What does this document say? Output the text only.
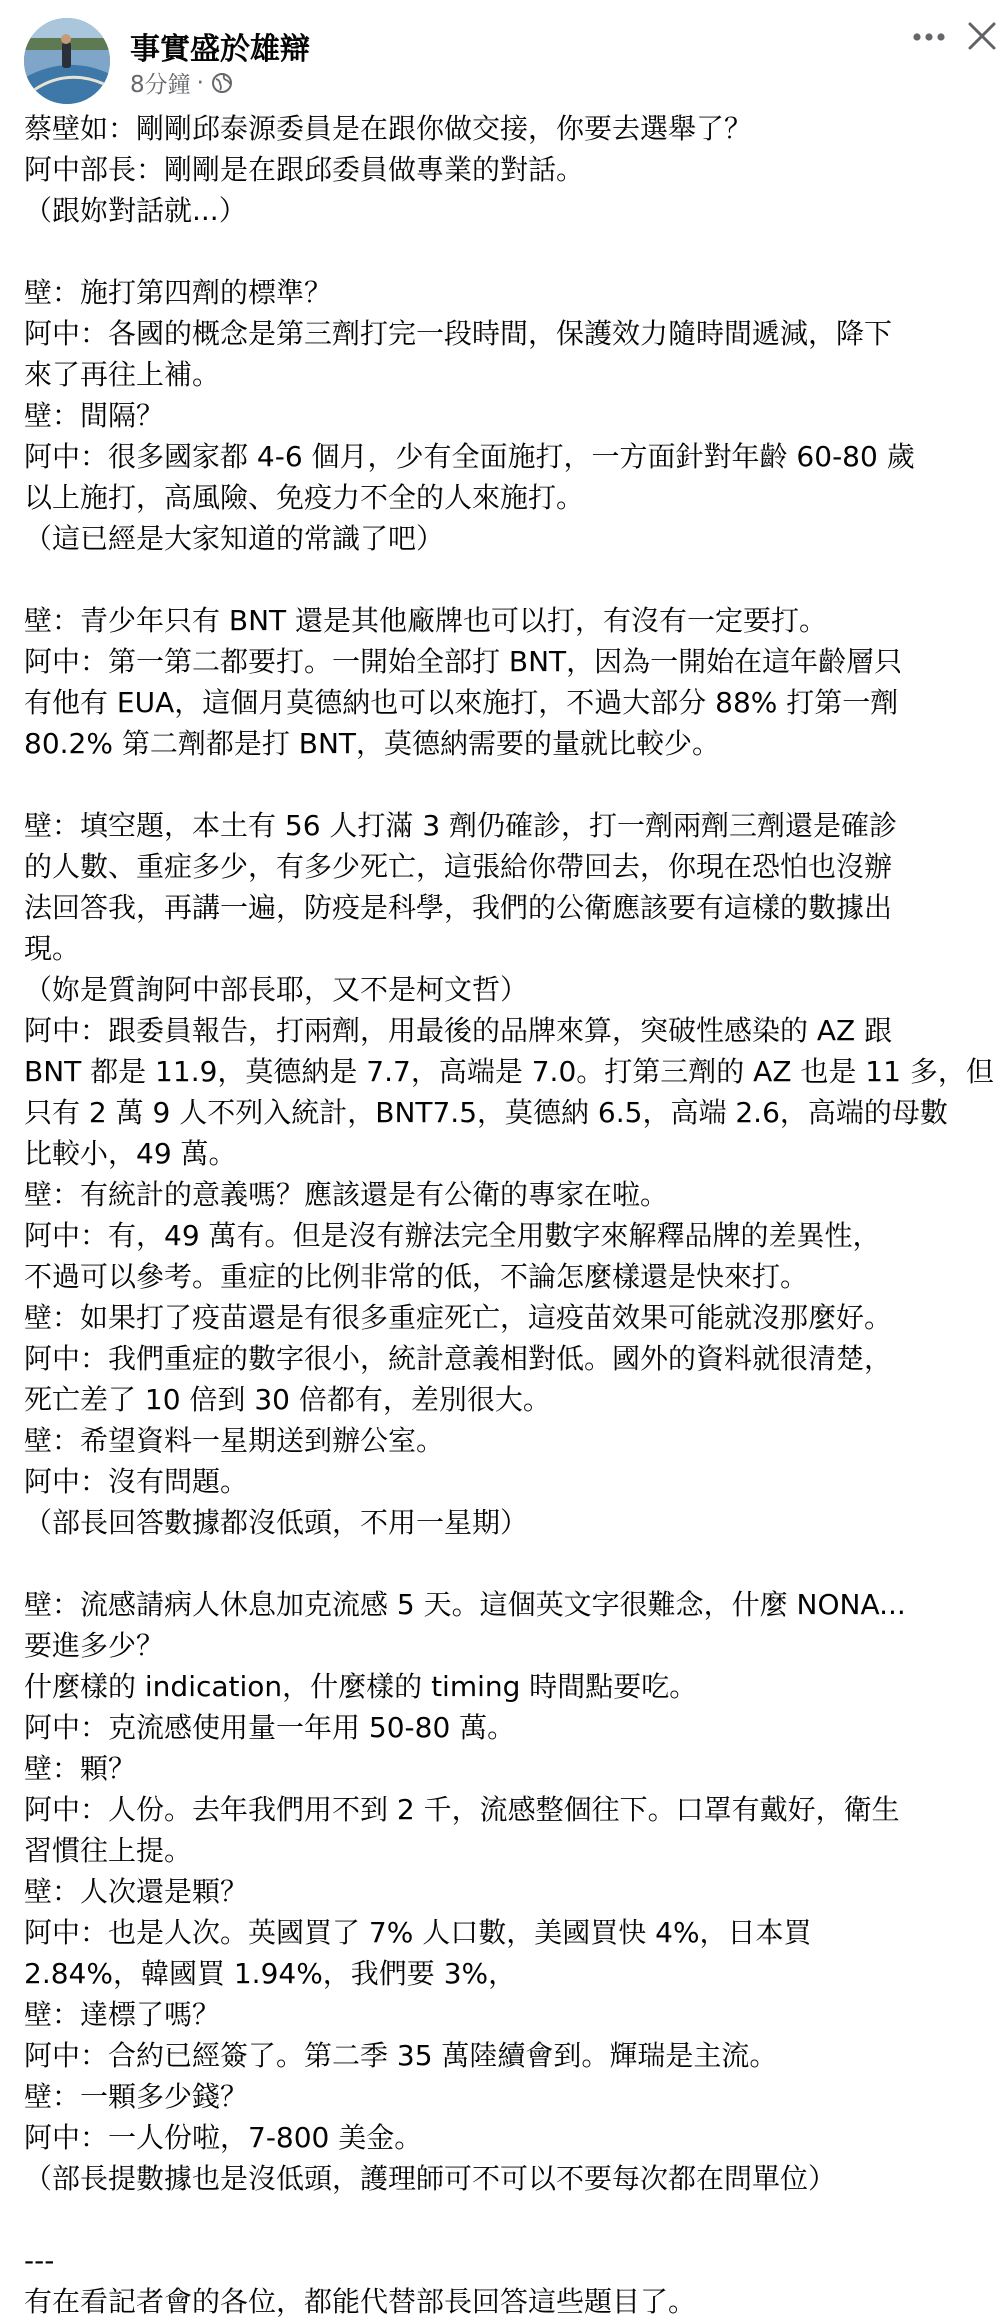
事實盛於雄辯
8分鐘 ·
蔡壁如：剛剛邱泰源委員是在跟你做交接，你要去選舉了？
阿中部長：剛剛是在跟邱委員做專業的對話。
（跟妳對話就...）
壁：施打第四劑的標準？
阿中：各國的概念是第三劑打完一段時間，保護效力隨時間遞減，降下
來了再往上補。
壁：間隔？
阿中：很多國家都 4-6 個月，少有全面施打，一方面針對年齡 60-80 歲
以上施打，高風險、免疫力不全的人來施打。
（這已經是大家知道的常識了吧）
壁：青少年只有 BNT 還是其他廠牌也可以打，有沒有一定要打。
阿中：第一第二都要打。一開始全部打 BNT，因為一開始在這年齡層只
有他有 EUA，這個月莫德納也可以來施打，不過大部分 88% 打第一劑
80.2% 第二劑都是打 BNT，莫德納需要的量就比較少。
壁：填空題，本土有 56 人打滿 3 劑仍確診，打一劑兩劑三劑還是確診
的人數、重症多少，有多少死亡，這張給你帶回去，你現在恐怕也沒辦
法回答我，再講一遍，防疫是科學，我們的公衛應該要有這樣的數據出
現。
（妳是質詢阿中部長耶，又不是柯文哲）
阿中：跟委員報告，打兩劑，用最後的品牌來算，突破性感染的 AZ 跟
BNT 都是 11.9，莫德納是 7.7，高端是 7.0。打第三劑的 AZ 也是 11 多，但
只有 2 萬 9 人不列入統計，BNT7.5，莫德納 6.5，高端 2.6，高端的母數
比較小，49 萬。
壁：有統計的意義嗎？應該還是有公衛的專家在啦。
阿中：有，49 萬有。但是沒有辦法完全用數字來解釋品牌的差異性，
不過可以參考。重症的比例非常的低，不論怎麼樣還是快來打。
壁：如果打了疫苗還是有很多重症死亡，這疫苗效果可能就沒那麼好。
阿中：我們重症的數字很小，統計意義相對低。國外的資料就很清楚，
死亡差了 10 倍到 30 倍都有，差別很大。
壁：希望資料一星期送到辦公室。
阿中：沒有問題。
（部長回答數據都沒低頭，不用一星期）
壁：流感請病人休息加克流感 5 天。這個英文字很難念，什麼 NONA...
要進多少？
什麼樣的 indication，什麼樣的 timing 時間點要吃。
阿中：克流感使用量一年用 50-80 萬。
壁：顆？
阿中：人份。去年我們用不到 2 千，流感整個往下。口罩有戴好，衛生
習慣往上提。
壁：人次還是顆？
阿中：也是人次。英國買了 7% 人口數，美國買快 4%，日本買
2.84%，韓國買 1.94%，我們要 3%，
壁：達標了嗎？
阿中：合約已經簽了。第二季 35 萬陸續會到。輝瑞是主流。
壁：一顆多少錢？
阿中：一人份啦，7-800 美金。
（部長提數據也是沒低頭，護理師可不可以不要每次都在問單位）
---
有在看記者會的各位，都能代替部長回答這些題目了。
